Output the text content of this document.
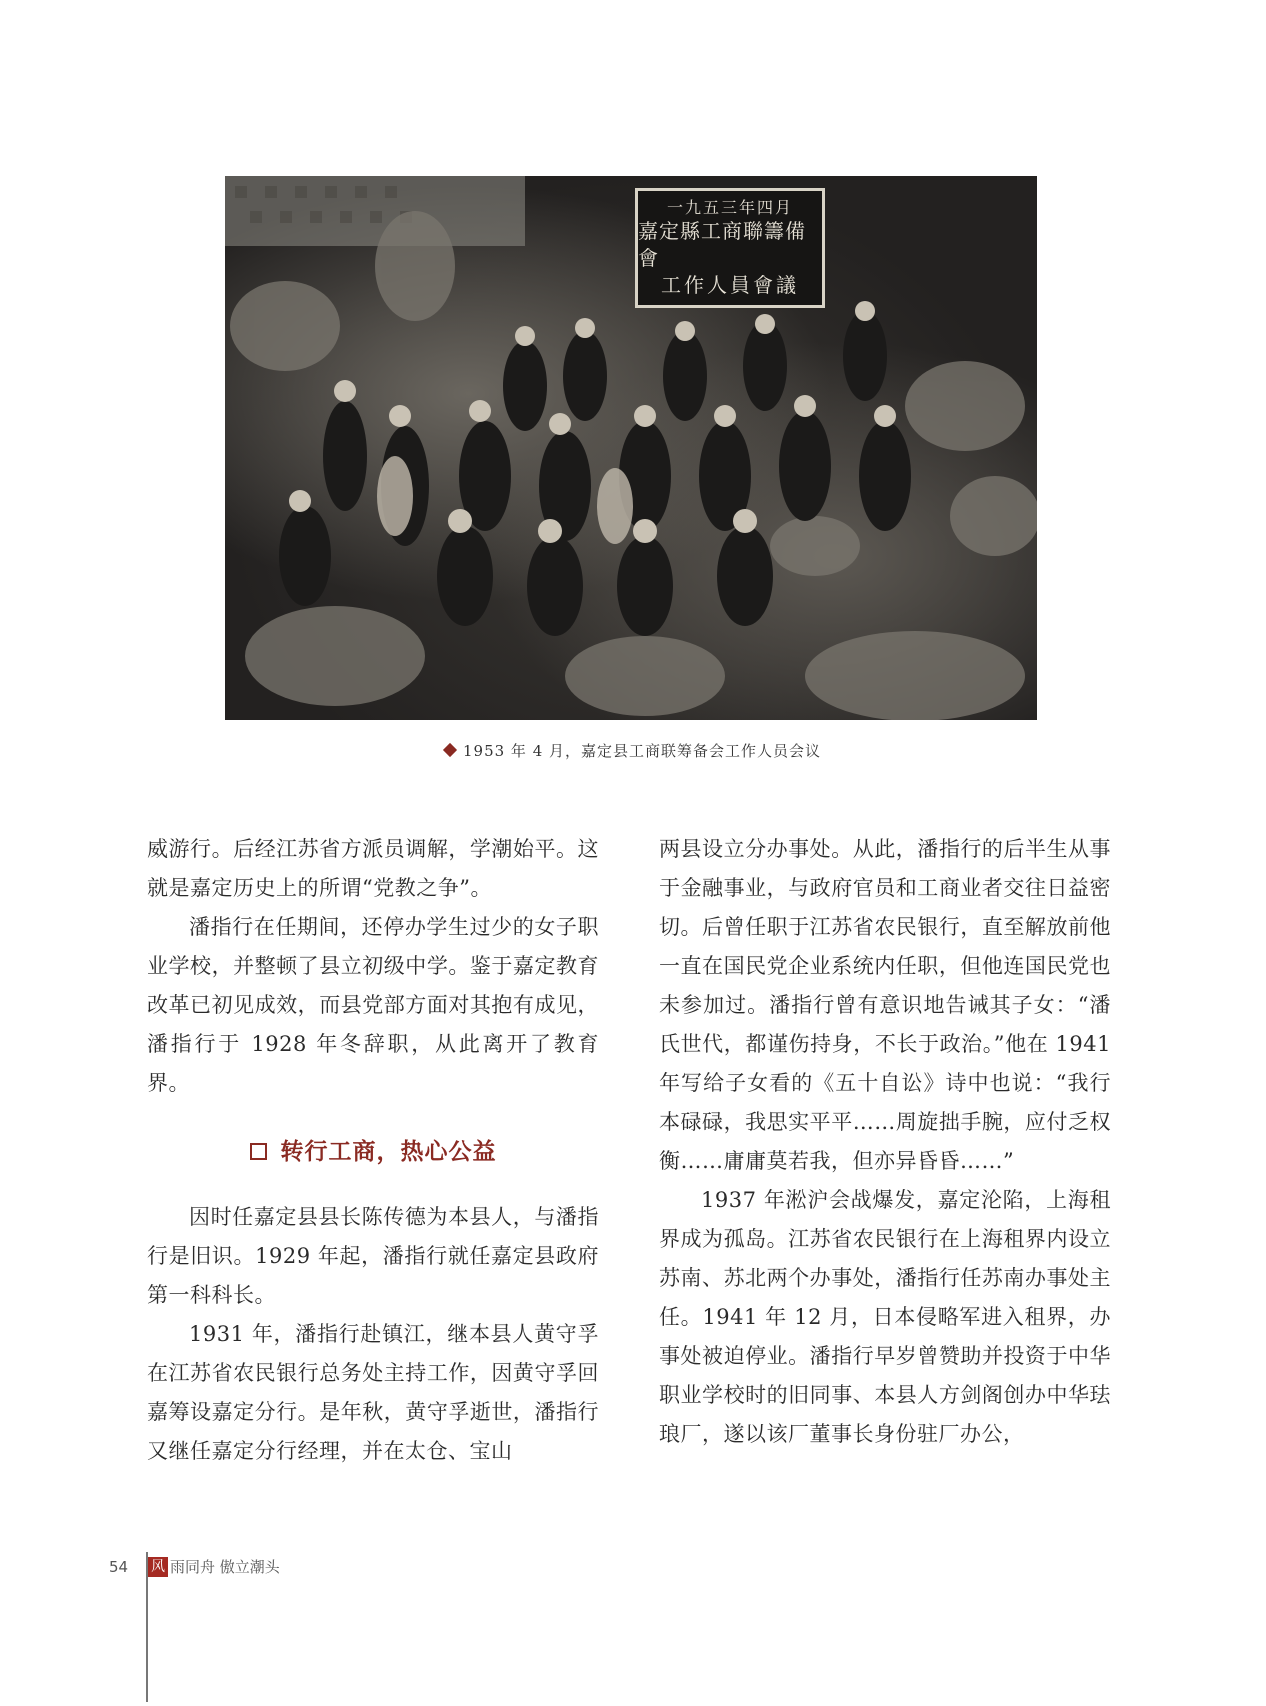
一九五三年四月
嘉定縣工商聯籌備會
工作人員會議
1953 年 4 月，嘉定县工商联筹备会工作人员会议

威游行。后经江苏省方派员调解，学潮始平。这就是嘉定历史上的所谓“党教之争”。

潘指行在任期间，还停办学生过少的女子职业学校，并整顿了县立初级中学。鉴于嘉定教育改革已初见成效，而县党部方面对其抱有成见，潘指行于 1928 年冬辞职，从此离开了教育界。

转行工商，热心公益

因时任嘉定县县长陈传德为本县人，与潘指行是旧识。1929 年起，潘指行就任嘉定县政府第一科科长。

1931 年，潘指行赴镇江，继本县人黄守孚在江苏省农民银行总务处主持工作，因黄守孚回嘉筹设嘉定分行。是年秋，黄守孚逝世，潘指行又继任嘉定分行经理，并在太仓、宝山

两县设立分办事处。从此，潘指行的后半生从事于金融事业，与政府官员和工商业者交往日益密切。后曾任职于江苏省农民银行，直至解放前他一直在国民党企业系统内任职，但他连国民党也未参加过。潘指行曾有意识地告诫其子女：“潘氏世代，都谨伤持身，不长于政治。”他在 1941 年写给子女看的《五十自讼》诗中也说：“我行本碌碌，我思实平平……周旋拙手腕，应付乏权衡……庸庸莫若我，但亦异昏昏……”

1937 年淞沪会战爆发，嘉定沦陷，上海租界成为孤岛。江苏省农民银行在上海租界内设立苏南、苏北两个办事处，潘指行任苏南办事处主任。1941 年 12 月，日本侵略军进入租界，办事处被迫停业。潘指行早岁曾赞助并投资于中华职业学校时的旧同事、本县人方剑阁创办中华珐琅厂，遂以该厂董事长身份驻厂办公，

54	风 雨同舟 傲立潮头
